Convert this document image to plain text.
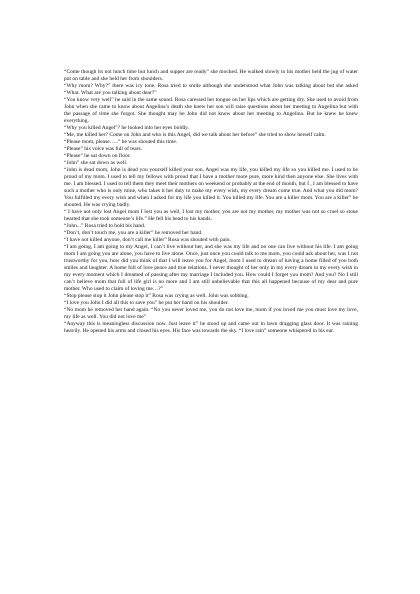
“Come though its not lunch time but lunch and supper are ready” she mocked. He walked slowly to his mother held the jug of water put on table and she held her from shoulders.

“Why mom? Why?” there was icy tone. Rosa tried to smile although she understood what John was talking about but she asked “What. What are you talking about dear?”

“You know very well” he said in the same sound. Rosa caressed her tongue on her lips which are getting dry. She used to avoid from John when she came to know about Angelina’s death she knew her son will raise questions about her meeting to Angelina but with the passage of time she forgot. She thought may be John did not know about her meeting to Angelina. But he knew he knew everything.

“Why you killed Angel”? he looked into her eyes boldly.

“Me, me killed her? Come on John and who is this Angel, did we talk about her before” she tried to show herself calm.

“Please mom, please…..” he was shouted this time.

“Please” his voice was full of tears.

“Please” he sat down on floor.

“John” she sat down as well.

“John is dead mom, John is dead you yourself killed your son, Angel was my life, you killed my life so you killed me. I used to be proud of my mom. I used to tell my fellows with proud that I have a mother more pure, more kind then anyone else. She lives with me. I am blessed. I used to tell them they meet their mothers on weekend or probably at the end of month, but I , I am blessed to have such a mother who is only mine, who takes it her duty to make my every wish, my every dream come true. And what you did mom? You fulfilled my every wish and when I asked for my life you killed it. You killed my life. You are a killer mom. You are a killer” he shouted. He was crying badly.

“ I have not only lost Angel mom I lost you as well, I lost my mother, you are not my mother, my mother was not so cruel so stone hearted that she took someone’s life.” He fell his head to his hands.

“John...” Rosa tried to hold his hand.

“Don’t, don’t touch me, you are a killer” he removed her hand.

“I have not killed anyone, don’t call me killer” Rosa was shouted with pain.

“I am going, I am going to my Angel, I can’t live without her, and she was my life and no one can live without his life. I am going mom I am going you are alone, you have to live alone. Once, just once you could talk to me mom, you could ask about her, was I not trustworthy for you, how did you think of that I will leave you for Angel, mom I used to dream of having a home filled of you both smiles and laughter. A home full of love peace and true relations. I never thought of her only in my every dream in my every wish in my every moment which I dreamed of passing after my marriage I included you. How could I forget you mom? And you? No I still can’t believe mom that full of life girl is no more and I am still unbelievable that this all happened because of my dear and pure mother. Who used to claim of loving me…?”

“Stop please stop it John please stop it” Rosa was crying as well. John was sobbing.

“I love you John I did all this to save you” he put her hand on his shoulder.

“No mom he removed her hand again. “No you never loved me, you do not love me, mom if you loved me you must love my love, my life as well. You did not love me”

“Anyway this is meaningless discussion now. Just leave it” he stood up and came out in lawn dragging glass door. It was raining heavily. He opened his arms and closed his eyes. His face was towards the sky. “I love rain” someone whispered in his ear.
